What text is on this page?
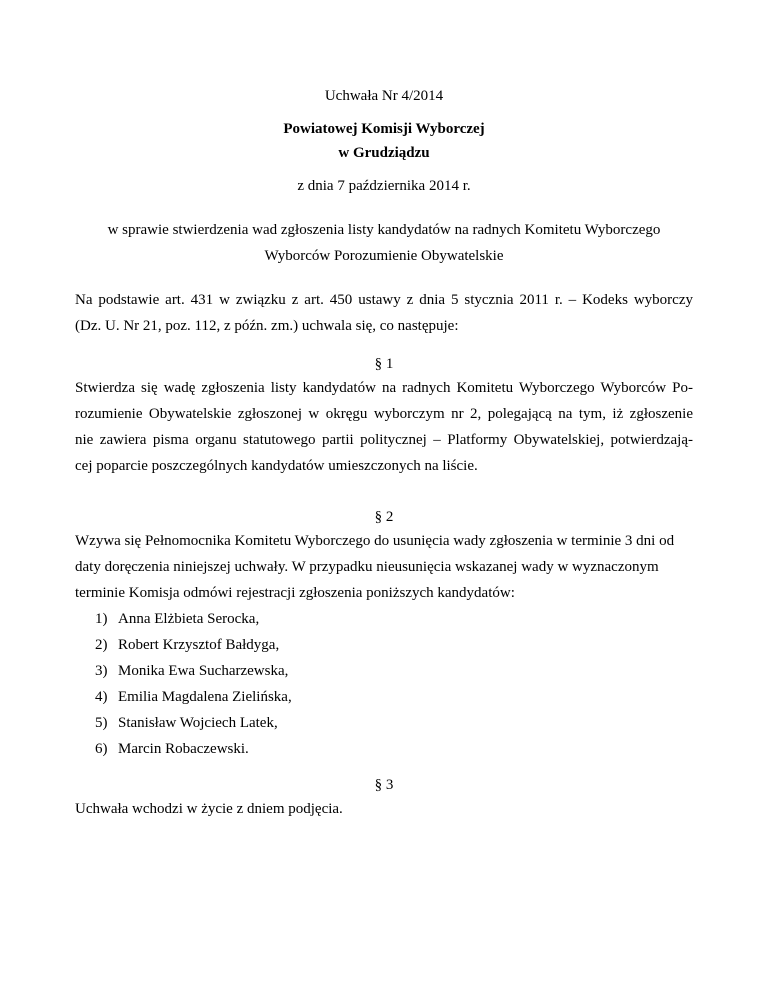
Uchwała Nr 4/2014
Powiatowej Komisji Wyborczej
w Grudziądzu
z dnia 7 października 2014 r.
w sprawie stwierdzenia wad zgłoszenia listy kandydatów na radnych Komitetu Wyborczego
Wyborców Porozumienie Obywatelskie
Na podstawie art. 431 w związku z art. 450 ustawy z dnia 5 stycznia 2011 r. – Kodeks wyborczy
(Dz. U. Nr 21, poz. 112, z późn. zm.) uchwala się, co następuje:
§ 1
Stwierdza się wadę zgłoszenia listy kandydatów na radnych Komitetu Wyborczego Wyborców Po-
rozumienie Obywatelskie zgłoszonej w okręgu wyborczym nr 2, polegającą na tym, iż zgłoszenie
nie zawiera pisma organu statutowego partii politycznej – Platformy Obywatelskiej, potwierdzają-
cej poparcie poszczególnych kandydatów umieszczonych na liście.
§ 2
Wzywa się Pełnomocnika Komitetu Wyborczego do usunięcia wady zgłoszenia w terminie 3 dni od
daty doręczenia niniejszej uchwały. W przypadku nieusunięcia wskazanej wady w wyznaczonym
terminie Komisja odmówi rejestracji zgłoszenia poniższych kandydatów:
1) Anna Elżbieta Serocka,
2) Robert Krzysztof Bałdyga,
3) Monika Ewa Sucharzewska,
4) Emilia Magdalena Zielińska,
5) Stanisław Wojciech Latek,
6) Marcin Robaczewski.
§ 3
Uchwała wchodzi w życie z dniem podjęcia.
